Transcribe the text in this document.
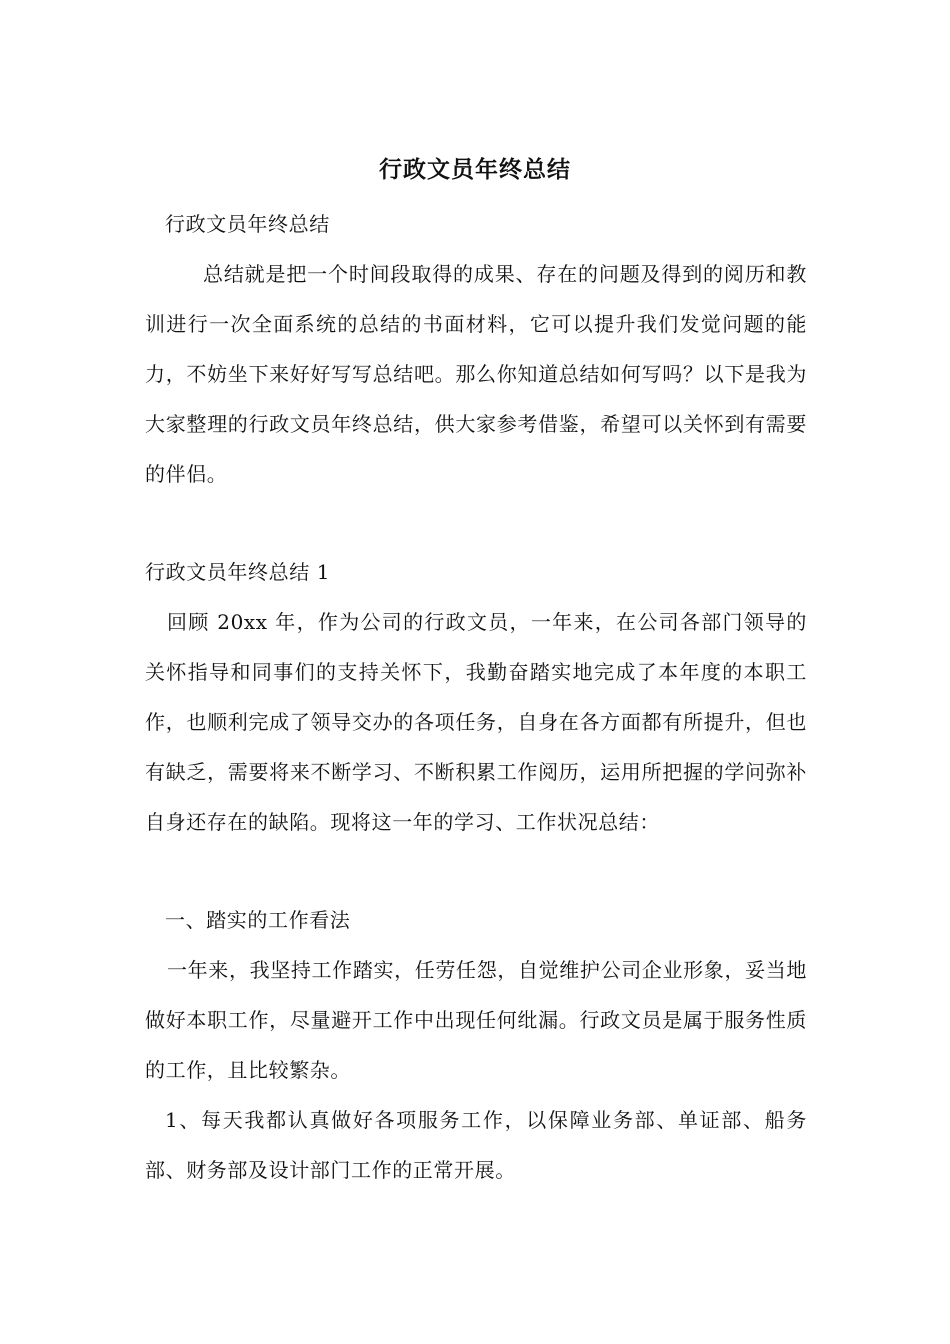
行政文员年终总结

行政文员年终总结

总结就是把一个时间段取得的成果、存在的问题及得到的阅历和教训进行一次全面系统的总结的书面材料，它可以提升我们发觉问题的能力，不妨坐下来好好写写总结吧。那么你知道总结如何写吗？以下是我为大家整理的行政文员年终总结，供大家参考借鉴，希望可以关怀到有需要的伴侣。

行政文员年终总结 1

回顾 20xx 年，作为公司的行政文员，一年来，在公司各部门领导的关怀指导和同事们的支持关怀下，我勤奋踏实地完成了本年度的本职工作，也顺利完成了领导交办的各项任务，自身在各方面都有所提升，但也有缺乏，需要将来不断学习、不断积累工作阅历，运用所把握的学问弥补自身还存在的缺陷。现将这一年的学习、工作状况总结：

一、踏实的工作看法

一年来，我坚持工作踏实，任劳任怨，自觉维护公司企业形象，妥当地做好本职工作，尽量避开工作中出现任何纰漏。行政文员是属于服务性质的工作，且比较繁杂。

1、每天我都认真做好各项服务工作，以保障业务部、单证部、船务部、财务部及设计部门工作的正常开展。
